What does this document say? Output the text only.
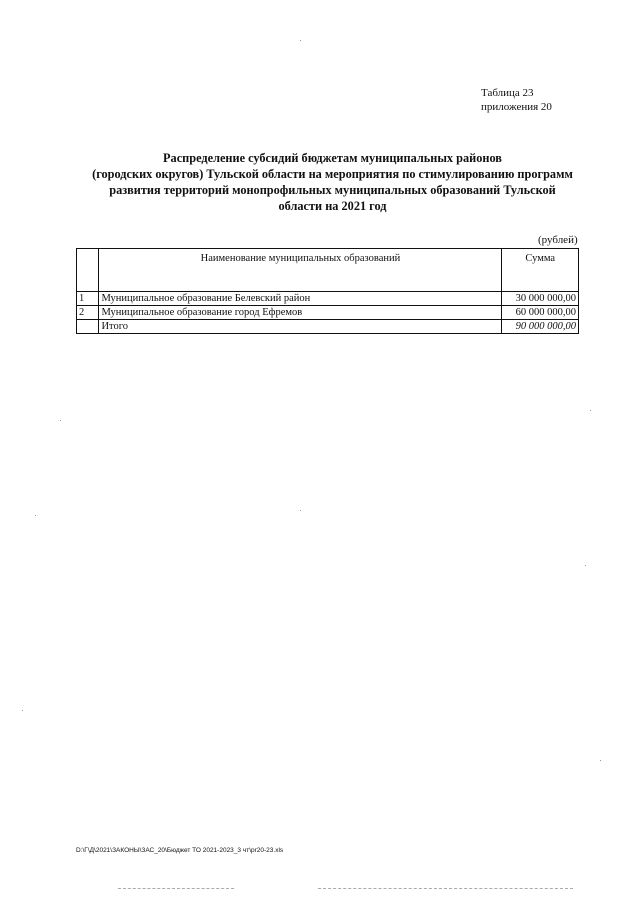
Таблица 23
приложения 20
Распределение субсидий бюджетам муниципальных районов
(городских округов) Тульской области на мероприятия по стимулированию программ
развития территорий монопрофильных муниципальных образований Тульской
области на 2021 год
(рублей)
	Наименование муниципальных образований	Сумма
1	Муниципальное образование Белевский район	30 000 000,00
2	Муниципальное образование город Ефремов	60 000 000,00
	Итого	90 000 000,00
D:\Г\Д\2021\ЗАКОНЫ\ЗАС_20\Бюджет ТО 2021-2023_3 чт\pr20-23.xls
